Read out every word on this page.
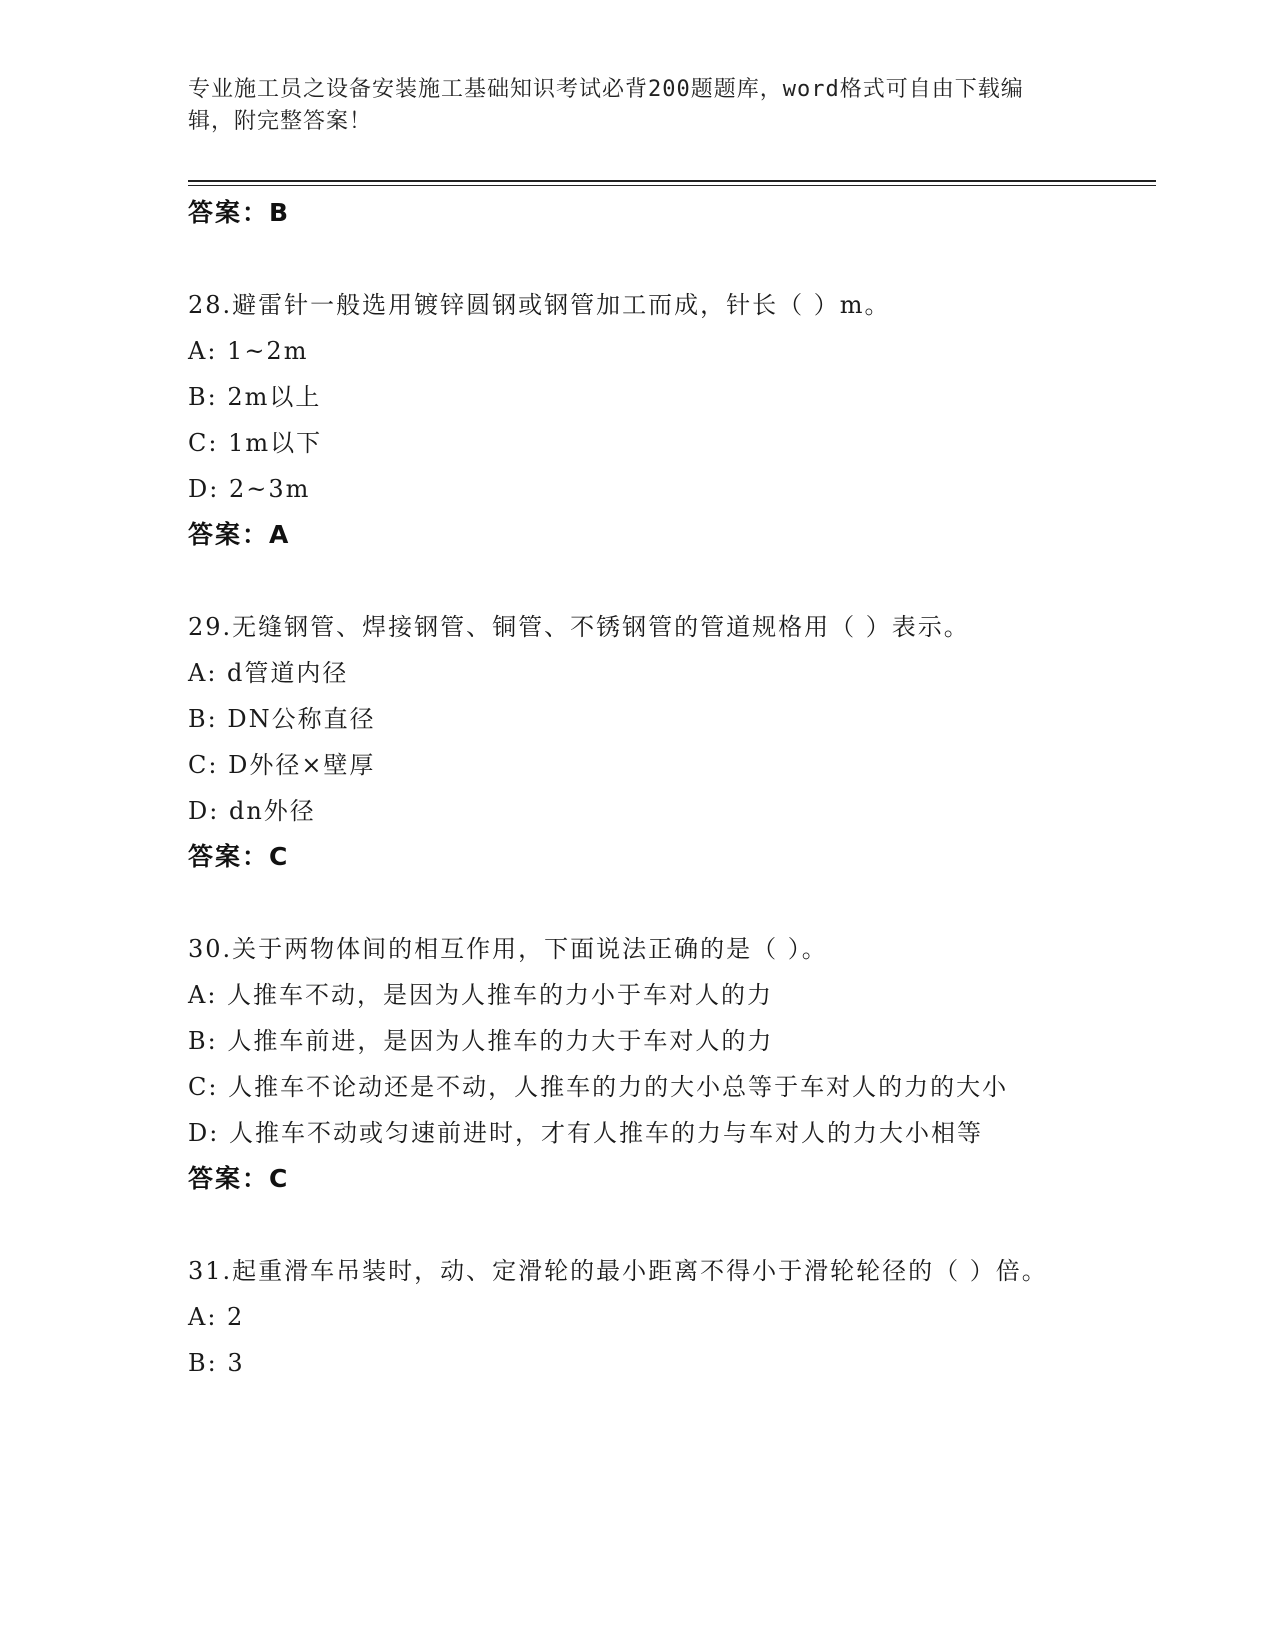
专业施工员之设备安装施工基础知识考试必背200题题库，word格式可自由下载编辑，附完整答案！
答案：B
28.避雷针一般选用镀锌圆钢或钢管加工而成，针长（ ）m。
A: 1~2m
B: 2m以上
C: 1m以下
D: 2~3m
答案：A
29.无缝钢管、焊接钢管、铜管、不锈钢管的管道规格用（ ）表示。
A: d管道内径
B: DN公称直径
C: D外径×壁厚
D: dn外径
答案：C
30.关于两物体间的相互作用，下面说法正确的是（ ）。
A: 人推车不动，是因为人推车的力小于车对人的力
B: 人推车前进，是因为人推车的力大于车对人的力
C: 人推车不论动还是不动，人推车的力的大小总等于车对人的力的大小
D: 人推车不动或匀速前进时，才有人推车的力与车对人的力大小相等
答案：C
31.起重滑车吊装时，动、定滑轮的最小距离不得小于滑轮轮径的（ ）倍。
A: 2
B: 3
